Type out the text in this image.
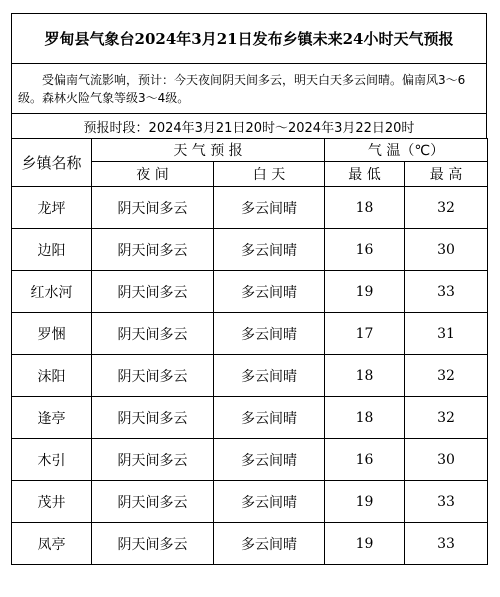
罗甸县气象台2024年3月21日发布乡镇未来24小时天气预报
受偏南气流影响，预计：今天夜间阴天间多云，明天白天多云间晴。偏南风3～6级。森林火险气象等级3～4级。
预报时段：2024年3月21日20时～2024年3月22日20时
乡镇名称	天 气 预 报		气 温（℃）	
	夜 间	白 天	最 低	最 高
龙坪	阴天间多云	多云间晴	18	32
边阳	阴天间多云	多云间晴	16	30
红水河	阴天间多云	多云间晴	19	33
罗悃	阴天间多云	多云间晴	17	31
沫阳	阴天间多云	多云间晴	18	32
逢亭	阴天间多云	多云间晴	18	32
木引	阴天间多云	多云间晴	16	30
茂井	阴天间多云	多云间晴	19	33
凤亭	阴天间多云	多云间晴	19	33
